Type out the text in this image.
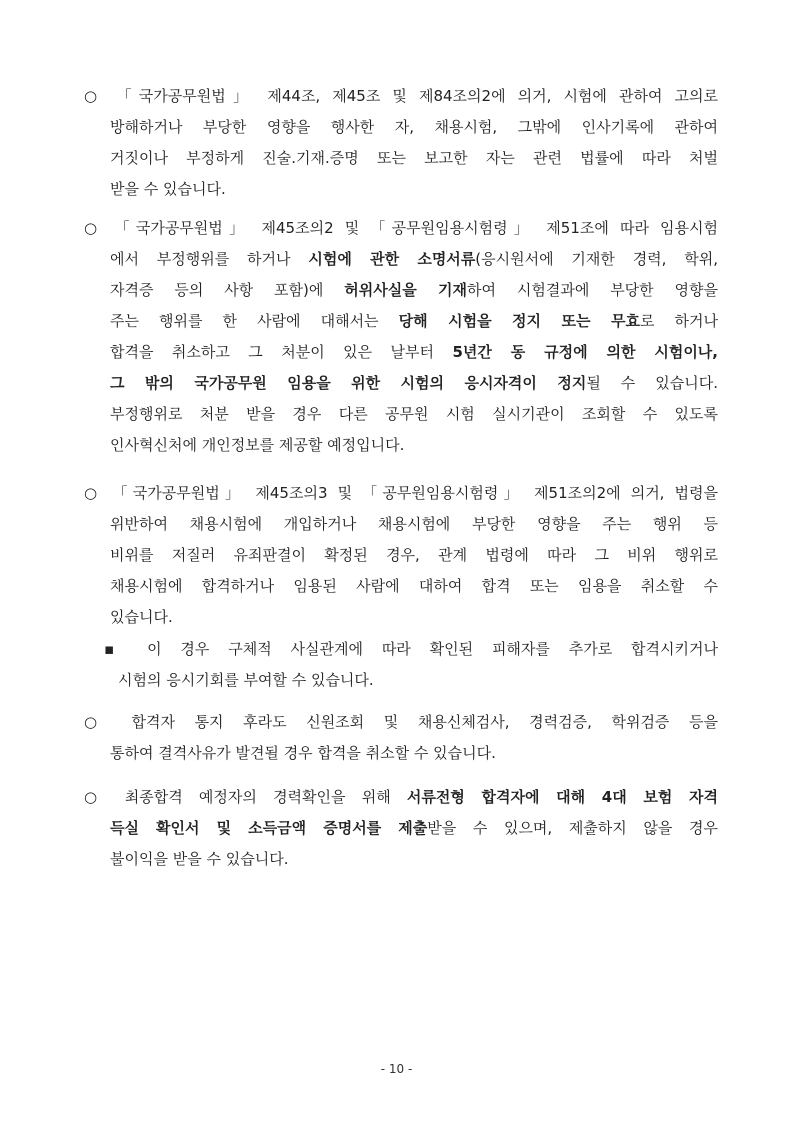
○ 「국가공무원법」 제44조, 제45조 및 제84조의2에 의거, 시험에 관하여 고의로
방해하거나 부당한 영향을 행사한 자, 채용시험, 그밖에 인사기록에 관하여
거짓이나 부정하게 진술.기재.증명 또는 보고한 자는 관련 법률에 따라 처벌
받을 수 있습니다.
○ 「국가공무원법」 제45조의2 및 「공무원임용시험령」 제51조에 따라 임용시험
에서 부정행위를 하거나 시험에 관한 소명서류(응시원서에 기재한 경력, 학위,
자격증 등의 사항 포함)에 허위사실을 기재하여 시험결과에 부당한 영향을
주는 행위를 한 사람에 대해서는 당해 시험을 정지 또는 무효로 하거나
합격을 취소하고 그 처분이 있은 날부터 5년간 동 규정에 의한 시험이나,
그 밖의 국가공무원 임용을 위한 시험의 응시자격이 정지될 수 있습니다.
부정행위로 처분 받을 경우 다른 공무원 시험 실시기관이 조회할 수 있도록
인사혁신처에 개인정보를 제공할 예정입니다.
○ 「국가공무원법」 제45조의3 및 「공무원임용시험령」 제51조의2에 의거, 법령을
위반하여 채용시험에 개입하거나 채용시험에 부당한 영향을 주는 행위 등
비위를 저질러 유죄판결이 확정된 경우, 관계 법령에 따라 그 비위 행위로
채용시험에 합격하거나 임용된 사람에 대하여 합격 또는 임용을 취소할 수
있습니다.
▪ 이 경우 구체적 사실관계에 따라 확인된 피해자를 추가로 합격시키거나
시험의 응시기회를 부여할 수 있습니다.
○ 합격자 통지 후라도 신원조회 및 채용신체검사, 경력검증, 학위검증 등을
통하여 결격사유가 발견될 경우 합격을 취소할 수 있습니다.
○ 최종합격 예정자의 경력확인을 위해 서류전형 합격자에 대해 4대 보험 자격
득실 확인서 및 소득금액 증명서를 제출받을 수 있으며, 제출하지 않을 경우
불이익을 받을 수 있습니다.
- 10 -
